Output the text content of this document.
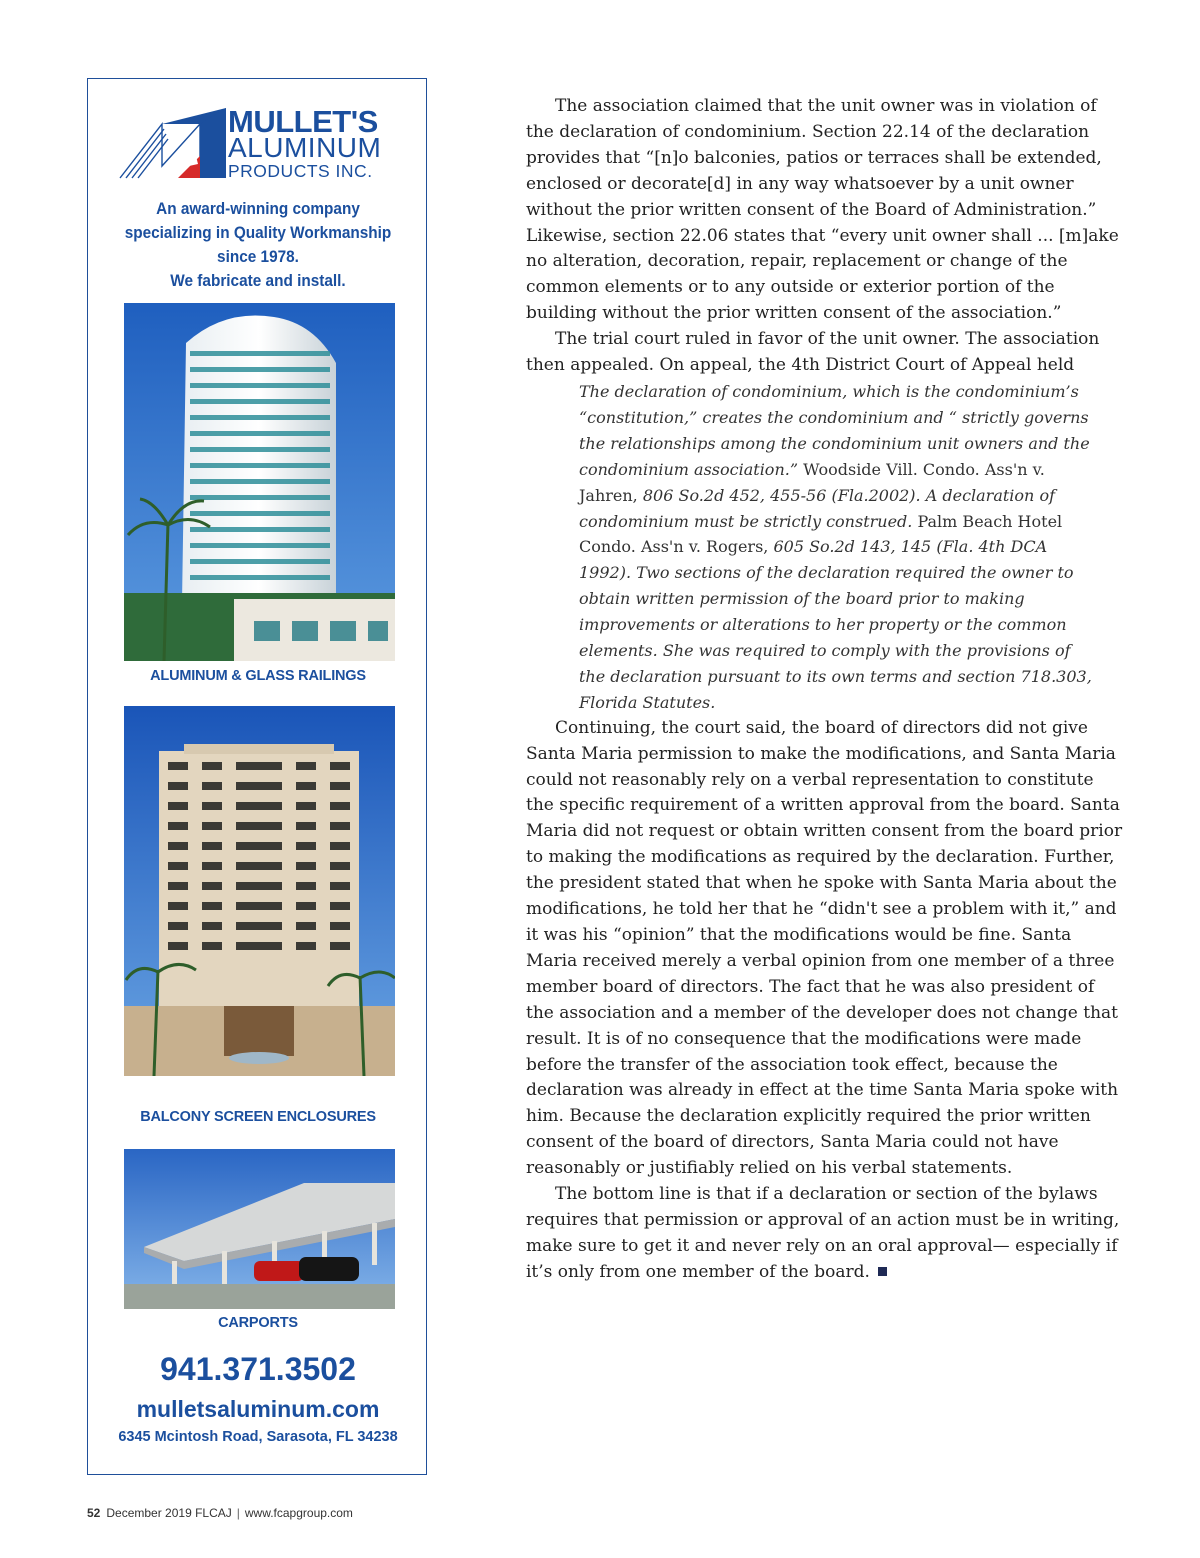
MULLET'S
ALUMINUM
PRODUCTS INC.
An award-winning company
specializing in Quality Workmanship
since 1978.
We fabricate and install.
ALUMINUM & GLASS RAILINGS
BALCONY SCREEN ENCLOSURES
CARPORTS
941.371.3502
mulletsaluminum.com
6345 Mcintosh Road, Sarasota, FL 34238

The association claimed that the unit owner was in violation of the declaration of condominium. Section 22.14 of the declaration provides that “[n]o balconies, patios or terraces shall be extended, enclosed or decorate[d] in any way whatsoever by a unit owner without the prior written consent of the Board of Administration.” Likewise, section 22.06 states that “every unit owner shall ... [m]ake no alteration, decoration, repair, replacement or change of the common elements or to any outside or exterior portion of the building without the prior written consent of the association.”

The trial court ruled in favor of the unit owner. The association then appealed. On appeal, the 4th District Court of Appeal held

The declaration of condominium, which is the condominium’s “constitution,” creates the condominium and “ strictly governs the relationships among the condominium unit owners and the condominium association.” Woodside Vill. Condo. Ass'n v. Jahren, 806 So.2d 452, 455-56 (Fla.2002). A declaration of condominium must be strictly construed. Palm Beach Hotel Condo. Ass'n v. Rogers, 605 So.2d 143, 145 (Fla. 4th DCA 1992). Two sections of the declaration required the owner to obtain written permission of the board prior to making improvements or alterations to her property or the common elements. She was required to comply with the provisions of the declaration pursuant to its own terms and section 718.303, Florida Statutes.

Continuing, the court said, the board of directors did not give Santa Maria permission to make the modifications, and Santa Maria could not reasonably rely on a verbal representation to constitute the specific requirement of a written approval from the board. Santa Maria did not request or obtain written consent from the board prior to making the modifications as required by the declaration. Further, the president stated that when he spoke with Santa Maria about the modifications, he told her that he “didn't see a problem with it,” and it was his “opinion” that the modifications would be fine. Santa Maria received merely a verbal opinion from one member of a three member board of directors. The fact that he was also president of the association and a member of the developer does not change that result. It is of no consequence that the modifications were made before the transfer of the association took effect, because the declaration was already in effect at the time Santa Maria spoke with him. Because the declaration explicitly required the prior written consent of the board of directors, Santa Maria could not have reasonably or justifiably relied on his verbal statements.

The bottom line is that if a declaration or section of the bylaws requires that permission or approval of an action must be in writing, make sure to get it and never rely on an oral approval— especially if it’s only from one member of the board.

52 December 2019 FLCAJ | www.fcapgroup.com
